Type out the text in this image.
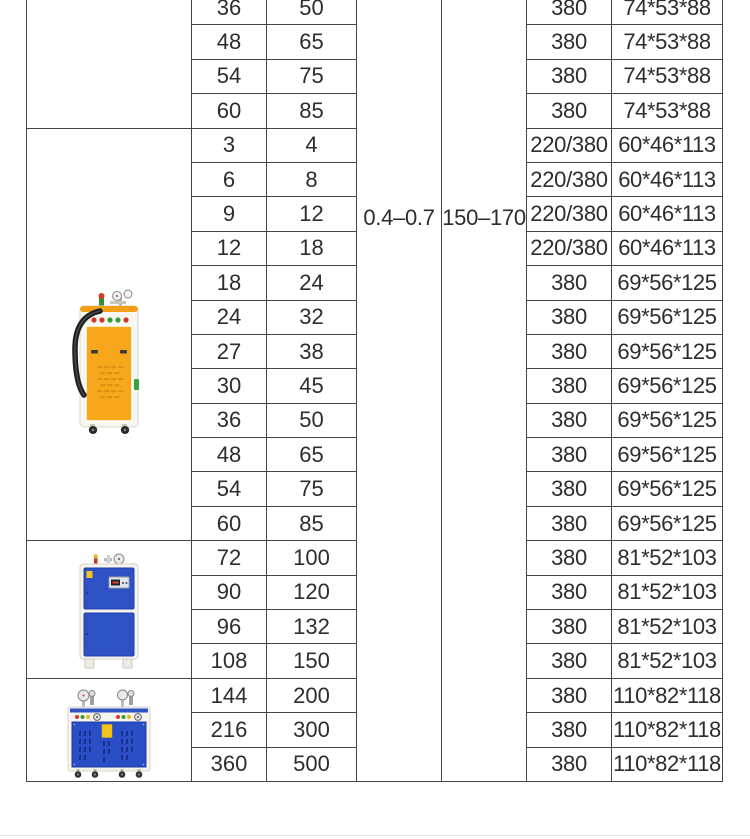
	36	50	0.4–0.7	150–170	380	74*53*88
	48	65			380	74*53*88
	54	75			380	74*53*88
	60	85			380	74*53*88

	3	4			220/380	60*46*113
	6	8			220/380	60*46*113
	9	12			220/380	60*46*113
	12	18			220/380	60*46*113
	18	24			380	69*56*125
	24	32			380	69*56*125
	27	38			380	69*56*125
	30	45			380	69*56*125
	36	50			380	69*56*125
	48	65			380	69*56*125
	54	75			380	69*56*125
	60	85			380	69*56*125

	72	100			380	81*52*103
	90	120			380	81*52*103
	96	132			380	81*52*103
	108	150			380	81*52*103

	144	200			380	110*82*118
	216	300			380	110*82*118
	360	500			380	110*82*118
